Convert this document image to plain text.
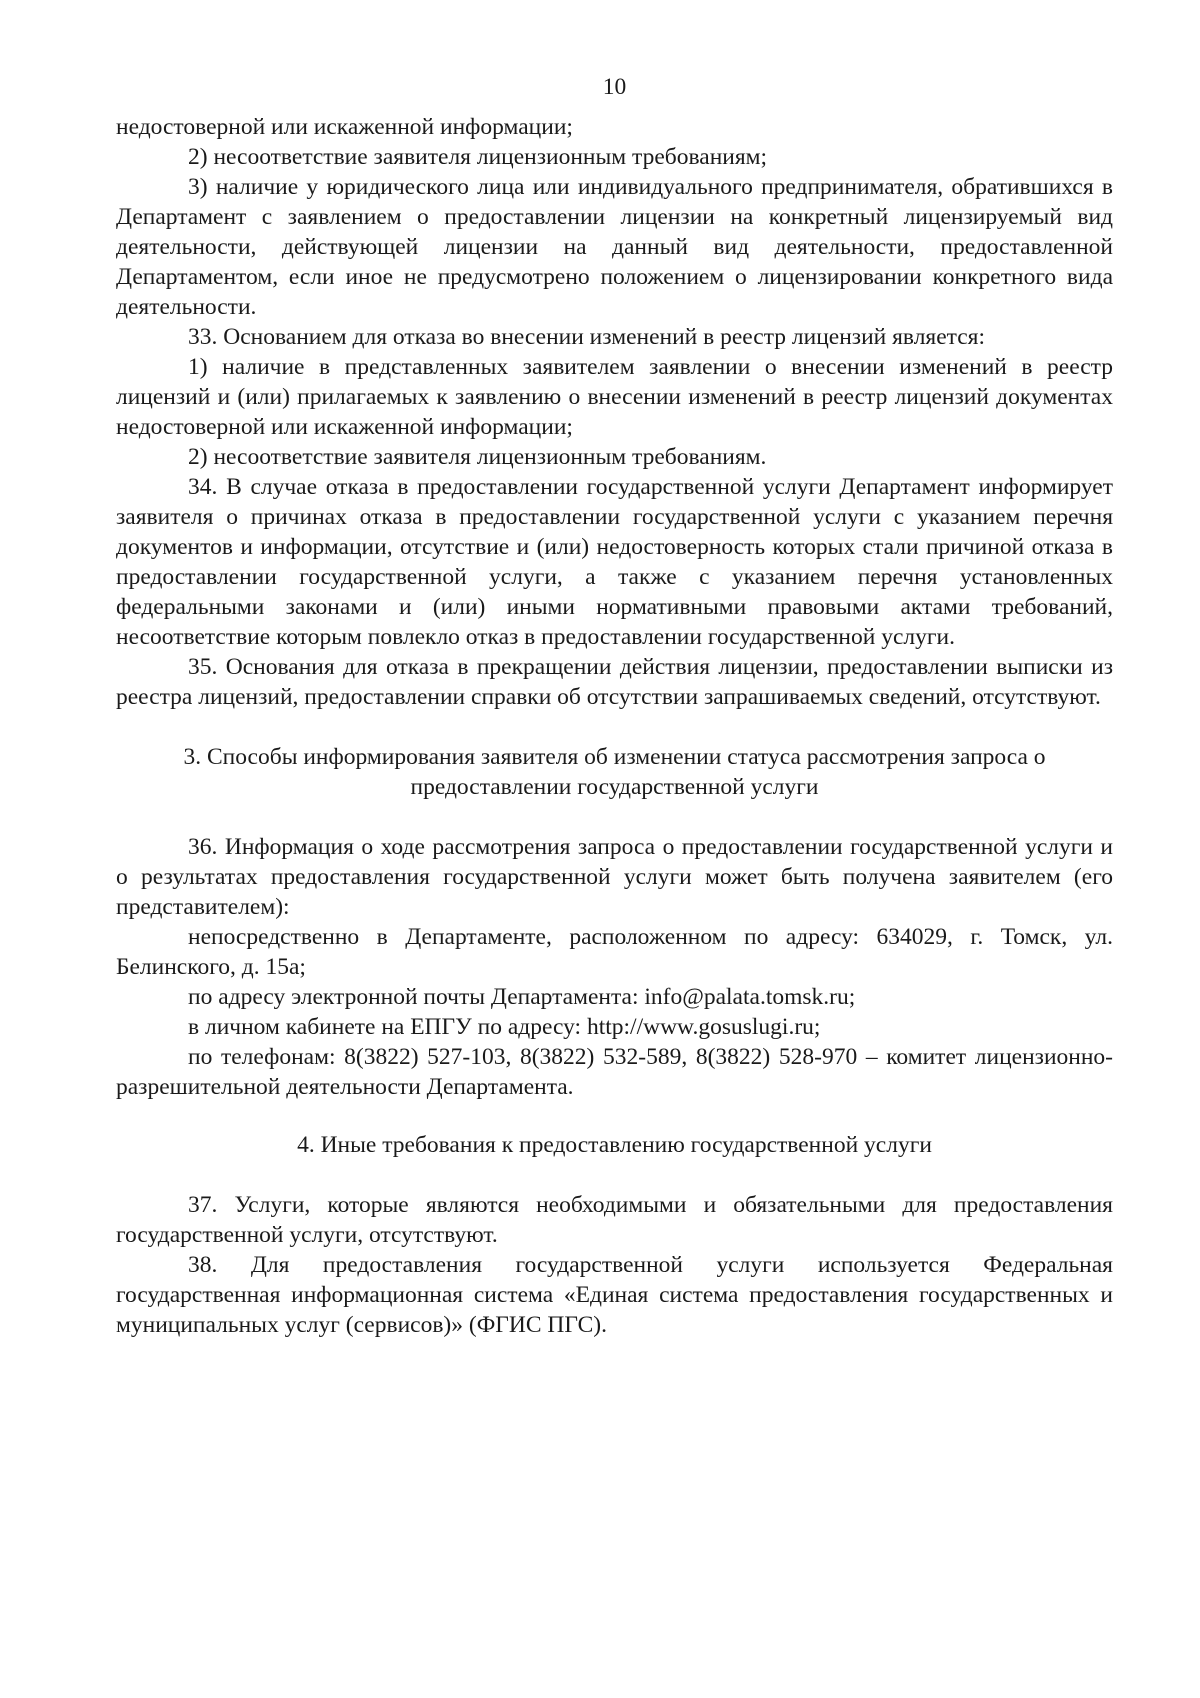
10

недостоверной или искаженной информации;

2) несоответствие заявителя лицензионным требованиям;

3) наличие у юридического лица или индивидуального предпринимателя, обратившихся в Департамент с заявлением о предоставлении лицензии на конкретный лицензируемый вид деятельности, действующей лицензии на данный вид деятельности, предоставленной Департаментом, если иное не предусмотрено положением о лицензировании конкретного вида деятельности.

33. Основанием для отказа во внесении изменений в реестр лицензий является:

1) наличие в представленных заявителем заявлении о внесении изменений в реестр лицензий и (или) прилагаемых к заявлению о внесении изменений в реестр лицензий документах недостоверной или искаженной информации;

2) несоответствие заявителя лицензионным требованиям.

34. В случае отказа в предоставлении государственной услуги Департамент информирует заявителя о причинах отказа в предоставлении государственной услуги с указанием перечня документов и информации, отсутствие и (или) недостоверность которых стали причиной отказа в предоставлении государственной услуги, а также с указанием перечня установленных федеральными законами и (или) иными нормативными правовыми актами требований, несоответствие которым повлекло отказ в предоставлении государственной услуги.

35. Основания для отказа в прекращении действия лицензии, предоставлении выписки из реестра лицензий, предоставлении справки об отсутствии запрашиваемых сведений, отсутствуют.

3. Способы информирования заявителя об изменении статуса рассмотрения запроса о
предоставлении государственной услуги

36. Информация о ходе рассмотрения запроса о предоставлении государственной услуги и о результатах предоставления государственной услуги может быть получена заявителем (его представителем):

непосредственно в Департаменте, расположенном по адресу: 634029, г. Томск, ул. Белинского, д. 15а;

по адресу электронной почты Департамента: info@palata.tomsk.ru;

в личном кабинете на ЕПГУ по адресу: http://www.gosuslugi.ru;

по телефонам: 8(3822) 527-103, 8(3822) 532-589, 8(3822) 528-970 – комитет лицензионно-разрешительной деятельности Департамента.

4. Иные требования к предоставлению государственной услуги

37. Услуги, которые являются необходимыми и обязательными для предоставления государственной услуги, отсутствуют.

38. Для предоставления государственной услуги используется Федеральная государственная информационная система «Единая система предоставления государственных и муниципальных услуг (сервисов)» (ФГИС ПГС).
